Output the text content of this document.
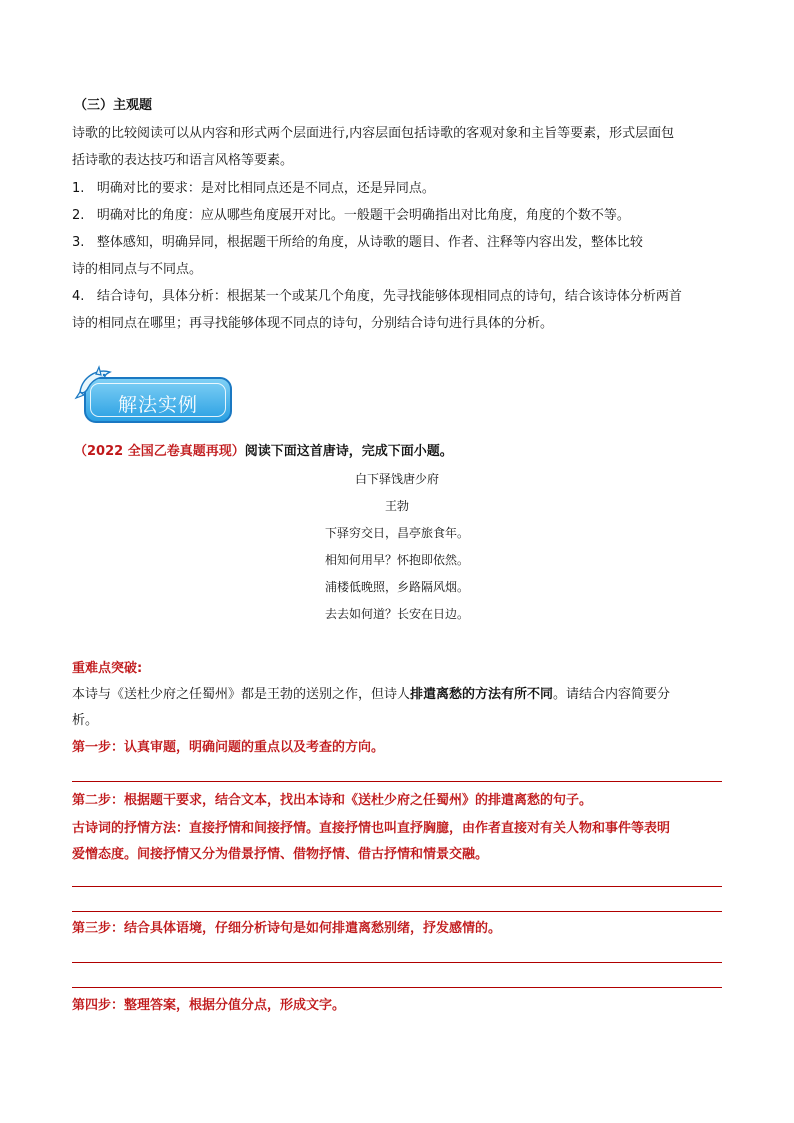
（三）主观题
诗歌的比较阅读可以从内容和形式两个层面进行,内容层面包括诗歌的客观对象和主旨等要素，形式层面包
括诗歌的表达技巧和语言风格等要素。
1. 明确对比的要求：是对比相同点还是不同点，还是异同点。
2. 明确对比的角度：应从哪些角度展开对比。一般题干会明确指出对比角度，角度的个数不等。
3. 整体感知，明确异同，根据题干所给的角度，从诗歌的题目、作者、注释等内容出发，整体比较
诗的相同点与不同点。
4. 结合诗句，具体分析：根据某一个或某几个角度，先寻找能够体现相同点的诗句，结合该诗体分析两首
诗的相同点在哪里；再寻找能够体现不同点的诗句，分别结合诗句进行具体的分析。
解法实例
（2022 全国乙卷真题再现）阅读下面这首唐诗，完成下面小题。
白下驿饯唐少府
王勃
下驿穷交日，昌亭旅食年。
相知何用早？怀抱即依然。
浦楼低晚照，乡路隔风烟。
去去如何道？长安在日边。
重难点突破:
本诗与《送杜少府之任蜀州》都是王勃的送别之作，但诗人排遣离愁的方法有所不同。请结合内容简要分
析。
第一步：认真审题，明确问题的重点以及考查的方向。
第二步：根据题干要求，结合文本，找出本诗和《送杜少府之任蜀州》的排遣离愁的句子。
古诗词的抒情方法：直接抒情和间接抒情。直接抒情也叫直抒胸臆，由作者直接对有关人物和事件等表明
爱憎态度。间接抒情又分为借景抒情、借物抒情、借古抒情和情景交融。
第三步：结合具体语境，仔细分析诗句是如何排遣离愁别绪，抒发感情的。
第四步：整理答案，根据分值分点，形成文字。
